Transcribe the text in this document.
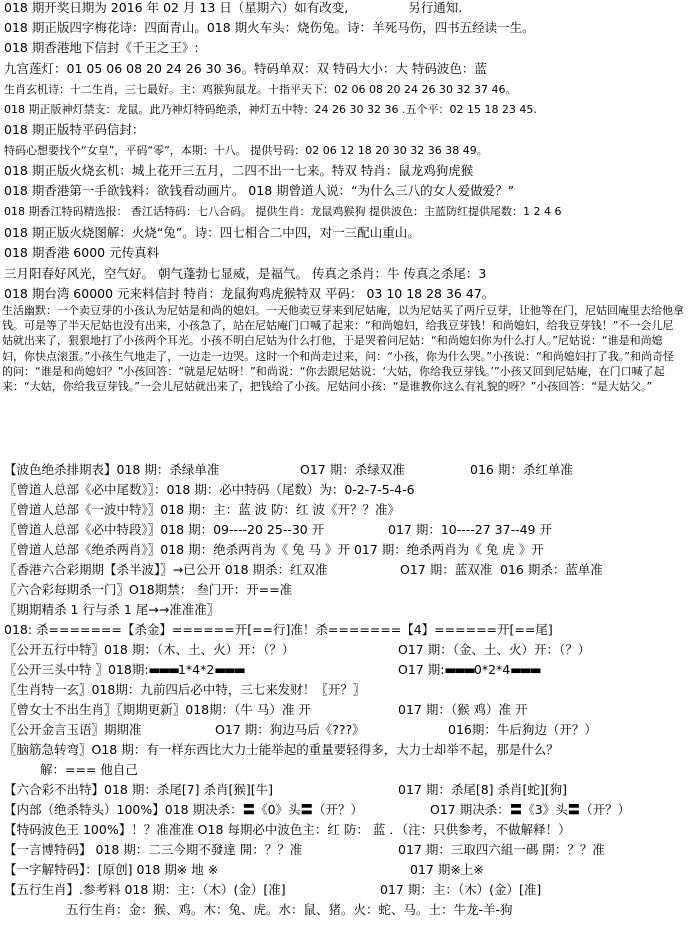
018 期开奖日期为 2016 年 02 月 13 日（星期六）如有改变,	另行通知.
018 期正版四字梅花诗：四面青山。018 期火车头：烧伤兔。诗：羊死马伤，四书五经读一生。
018 期香港地下信封《千王之王》:
九宫莲灯：01 05 06 08 20 24 26 30 36。特码单双：双 特码大小：大 特码波色：蓝
生肖玄机诗：十二生肖，三七最好。主：鸡猴狗鼠龙。十指平天下：02 06 08 20 24 26 30 32 37 46。
018 期正版神灯禁支：龙鼠。此乃神灯特码绝杀，神灯五中特：24 26 30 32 36 .五个平：02 15 18 23 45.
018 期正版特平码信封：
特码心想要找个“女皇”，平码“零”，本期：十八。 提供号码：02 06 12 18 20 30 32 36 38 49。
018 期正版火烧玄机：城上花开三五月，二四不出一七来。特双 特肖：鼠龙鸡狗虎猴
018 期香港第一手欲钱料：欲钱看动画片。 018 期曾道人说：“为什么三八的女人爱做爱？”
018 期香江特码精选报： 香江话特码：七八合码。 提供生肖：龙鼠鸡猴狗 提供波色：主蓝防红提供尾数：1 2 4 6
018 期正版火烧图解：火烧“兔”。诗：四七相合二中四，对一三配山重山。
018 期香港 6000 元传真料
三月阳春好风光，空气好。 朝气蓬勃七显威，是福气。 传真之杀肖：牛 传真之杀尾：3
018 期台湾 60000 元来料信封 特肖：龙鼠狗鸡虎猴特双 平码： 03 10 18 28 36 47。
生活幽默：一个卖豆芽的小孩认为尼姑是和尚的媳妇。一天他卖豆芽来到尼姑庵，以为尼姑买了两斤豆芽，让他等在门，尼姑回庵里去给他拿钱。可是等了半天尼姑也没有出来，小孩急了，站在尼姑庵门口喊了起来：“和尚媳妇，给我豆芽钱！和尚媳妇，给我豆芽钱！”不一会儿尼姑就出来了，狠狠地打了小孩两个耳光。小孩不明白尼姑为什么打他，于是哭着问尼姑：“和尚媳妇你为什么打人。”尼姑说：“谁是和尚媳妇，你快点滚蛋。”小孩生气地走了，一边走一边哭。这时一个和尚走过来，问：“小孩，你为什么哭。”小孩说：“和尚媳妇打了我。”和尚奇怪的问：“谁是和尚媳妇？”小孩回答：“就是尼姑呀！”和尚说：“你去跟尼姑说：‘大姑，你给我豆芽钱。’”小孩又回到尼姑庵，在门口喊了起来：“大姑，你给我豆芽钱。”一会儿尼姑就出来了，把钱给了小孩。尼姑问小孩：“是谁教你这么有礼貌的呀？”小孩回答：“是大姑父。”
【波色绝杀排期表】018 期：杀绿单准	O17 期：杀绿双准	016 期：杀红单准
〖曾道人总部《必中尾数》〗：018 期：必中特码（尾数）为：0-2-7-5-4-6
〖曾道人总部《一波中特》〗018 期：主：蓝 波 防：红 波《开？？准》
〖曾道人总部《必中特段》〗018 期：09----20 25--30 开	017 期：10----27 37--49 开
〖曾道人总部《绝杀两肖》〗018 期：绝杀两肖为《 兔 马 》开 017 期：绝杀两肖为《 兔 虎 》开
〖香港六合彩期期【杀半波】〗→已公开 018 期杀：红双准	O17 期：蓝双准 016 期杀：蓝单准
〖六合彩每期杀一门〗O18期禁： 叁门开：开==准
〖期期精杀 1 行与杀 1 尾→→准准准〗
018: 杀=======【杀金】======开[==行]准！杀=======【4】======开[==尾]
〖公开五行中特〗018 期：（木、土、火）开：（？）	O17 期：（金、土、火）开：（？）
〖公开三头中特 〗018期:▬▬▬1*4*2▬▬▬	O17 期:▬▬▬0*2*4▬▬▬
〖生肖特一玄〗018期：九前四后必中特，三七来发财！〖开？〗
〖曾女士不出生肖〗〖期期更新〗018期：（牛 马）准 开	017 期：（猴 鸡）准 开
〖公开金言玉语〗期期准	O17 期：狗边马后《???》	016期：牛后狗边（开？）
〖脑筋急转弯〗O18 期：有一样东西比大力士能举起的重量要轻得多，大力士却举不起，那是什么？
解：=== 他自己
【六合彩不出特】018 期：杀尾[7] 杀肖[猴][牛]	017 期：杀尾[8] 杀肖[蛇][狗]
【内部（绝杀特头）100%】018 期决杀：〓《0》头〓（开？）	O17 期决杀：〓《3》头〓（开？）
【特码波色王 100%】！？准准准 O18 每期必中波色主：红 防： 蓝 ．（注：只供参考，不做解释！）
【一言博特码】 018 期：二三今期不發達 開：？？准	017 期：三取四六組一碼 開：？？准
【一字解特码】：[原创] 018 期※ 地 ※	017 期※上※
【五行生肖】.参考料 018 期：主：（木）(金）[准]	017 期：主：（木）(金）[准]
五行生肖：金：猴、鸡。木：兔、虎。水：鼠、猪。火：蛇、马。土：牛龙-羊-狗
